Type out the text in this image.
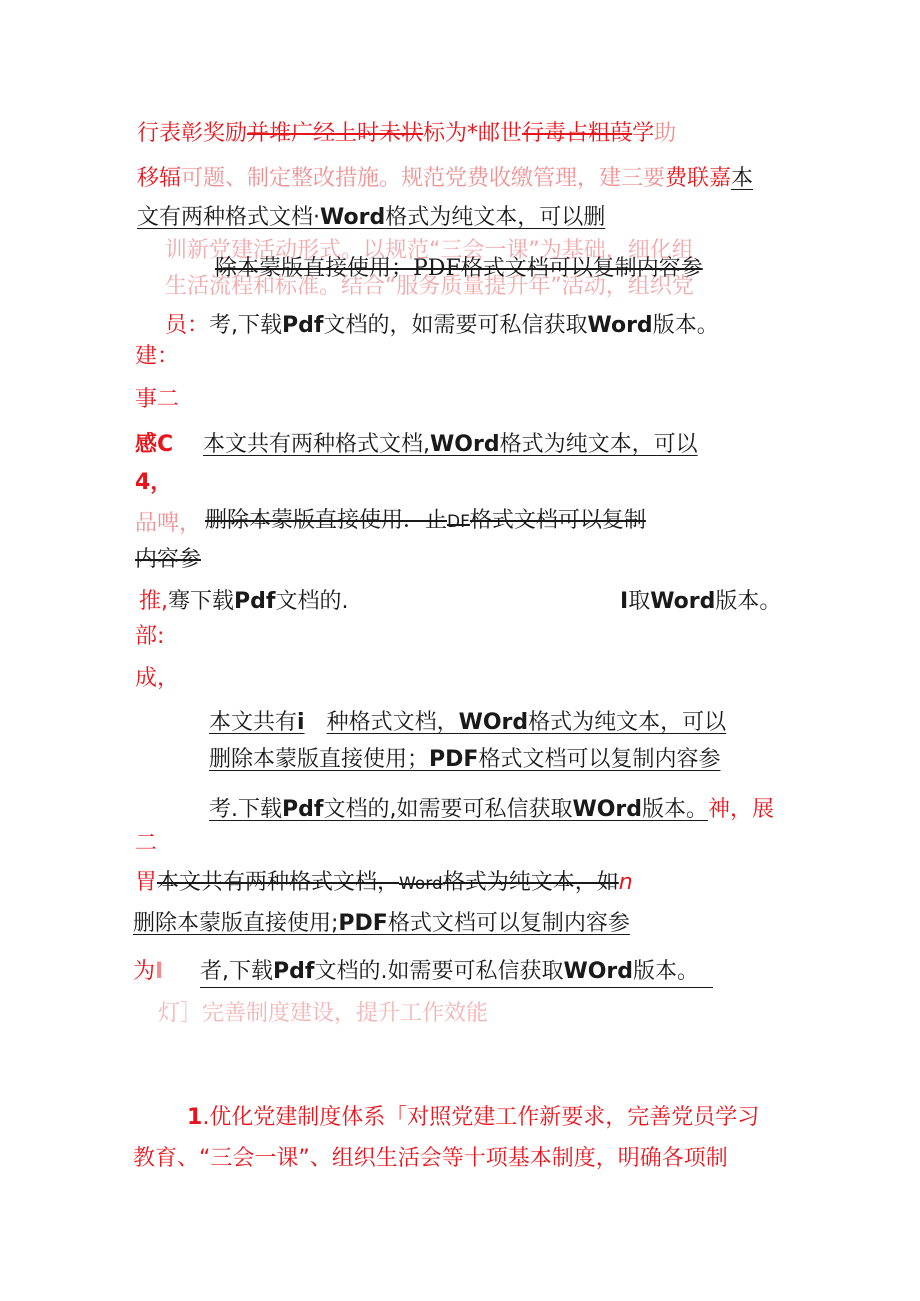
行表彰奖励并堆广经上时未状标为*邮世行毒占粗葭学助
移辐可题、制定整改措施。规范党费收缴管理，建三要费联嘉本
文有两种格式文档·Word格式为纯文本，可以删
训新党建活动形式。以规范“三会一课”为基础，细化组
生活流程和标准。结合“服务质量提升年”活动，组织党
除本蒙版直接使用；PDF格式文档可以复制内容参
员：考,下载Pdf文档的，如需要可私信获取Word版本。
建：
事二
感C 本文共有两种格式文档,WOrd格式为纯文本，可以
4，
品啤， 删除本蒙版直接使用．止DF格式文档可以复制
内容参
推,骞下载Pdf文档的.	I取Word版本。
部:
成，
本文共有i 种格式文档，WOrd格式为纯文本，可以
删除本蒙版直接使用；PDF格式文档可以复制内容参
考.下载Pdf文档的,如需要可私信获取WOrd版本。神，展
二
胃本文共有两种格式文档，Word格式为纯文本，如n
删除本蒙版直接使用;PDF格式文档可以复制内容参
为I 者,下载Pdf文档的.如需要可私信获取WOrd版本。
灯］完善制度建设，提升工作效能
1.优化党建制度体系「对照党建工作新要求，完善党员学习
教育、“三会一课”、组织生活会等十项基本制度，明确各项制
